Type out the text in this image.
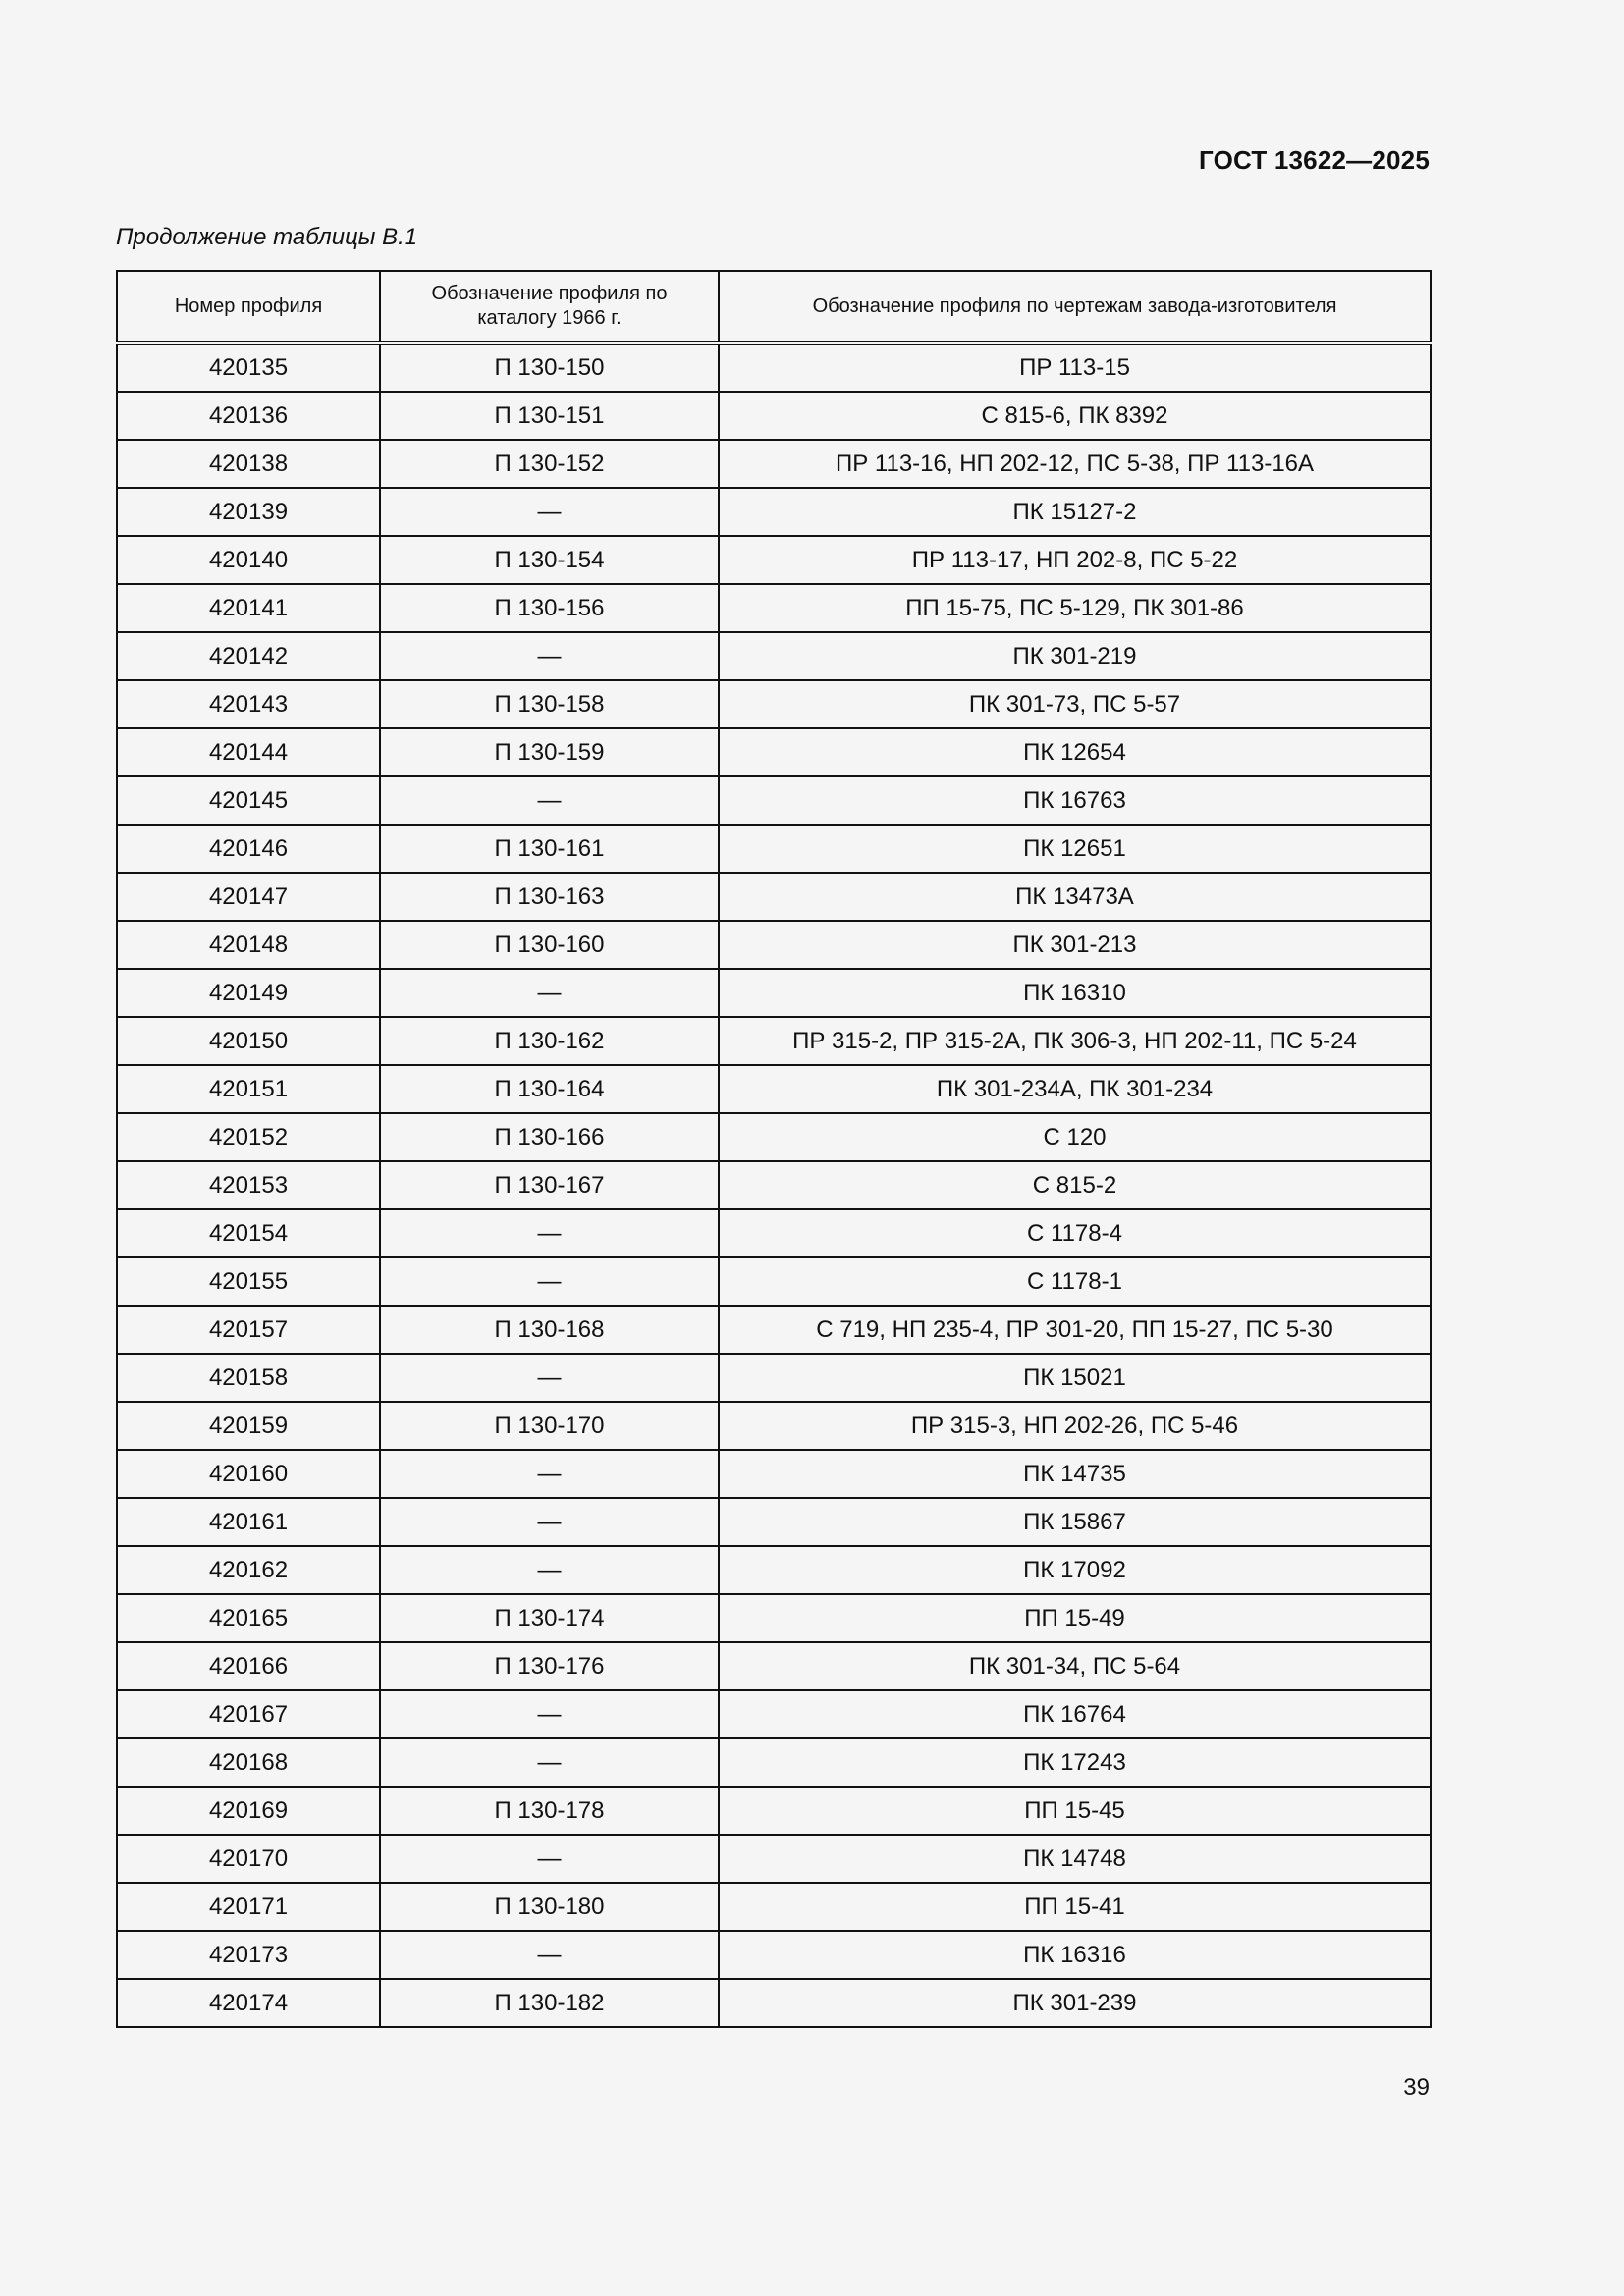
ГОСТ 13622—2025
Продолжение таблицы В.1
Номер профиля	Обозначение профиля по каталогу 1966 г.	Обозначение профиля по чертежам завода-изготовителя
420135	П 130-150	ПР 113-15
420136	П 130-151	С 815-6, ПК 8392
420138	П 130-152	ПР 113-16, НП 202-12, ПС 5-38, ПР 113-16А
420139	—	ПК 15127-2
420140	П 130-154	ПР 113-17, НП 202-8, ПС 5-22
420141	П 130-156	ПП 15-75, ПС 5-129, ПК 301-86
420142	—	ПК 301-219
420143	П 130-158	ПК 301-73, ПС 5-57
420144	П 130-159	ПК 12654
420145	—	ПК 16763
420146	П 130-161	ПК 12651
420147	П 130-163	ПК 13473А
420148	П 130-160	ПК 301-213
420149	—	ПК 16310
420150	П 130-162	ПР 315-2, ПР 315-2А, ПК 306-3, НП 202-11, ПС 5-24
420151	П 130-164	ПК 301-234А, ПК 301-234
420152	П 130-166	С 120
420153	П 130-167	С 815-2
420154	—	С 1178-4
420155	—	С 1178-1
420157	П 130-168	С 719, НП 235-4, ПР 301-20, ПП 15-27, ПС 5-30
420158	—	ПК 15021
420159	П 130-170	ПР 315-3, НП 202-26, ПС 5-46
420160	—	ПК 14735
420161	—	ПК 15867
420162	—	ПК 17092
420165	П 130-174	ПП 15-49
420166	П 130-176	ПК 301-34, ПС 5-64
420167	—	ПК 16764
420168	—	ПК 17243
420169	П 130-178	ПП 15-45
420170	—	ПК 14748
420171	П 130-180	ПП 15-41
420173	—	ПК 16316
420174	П 130-182	ПК 301-239
39
